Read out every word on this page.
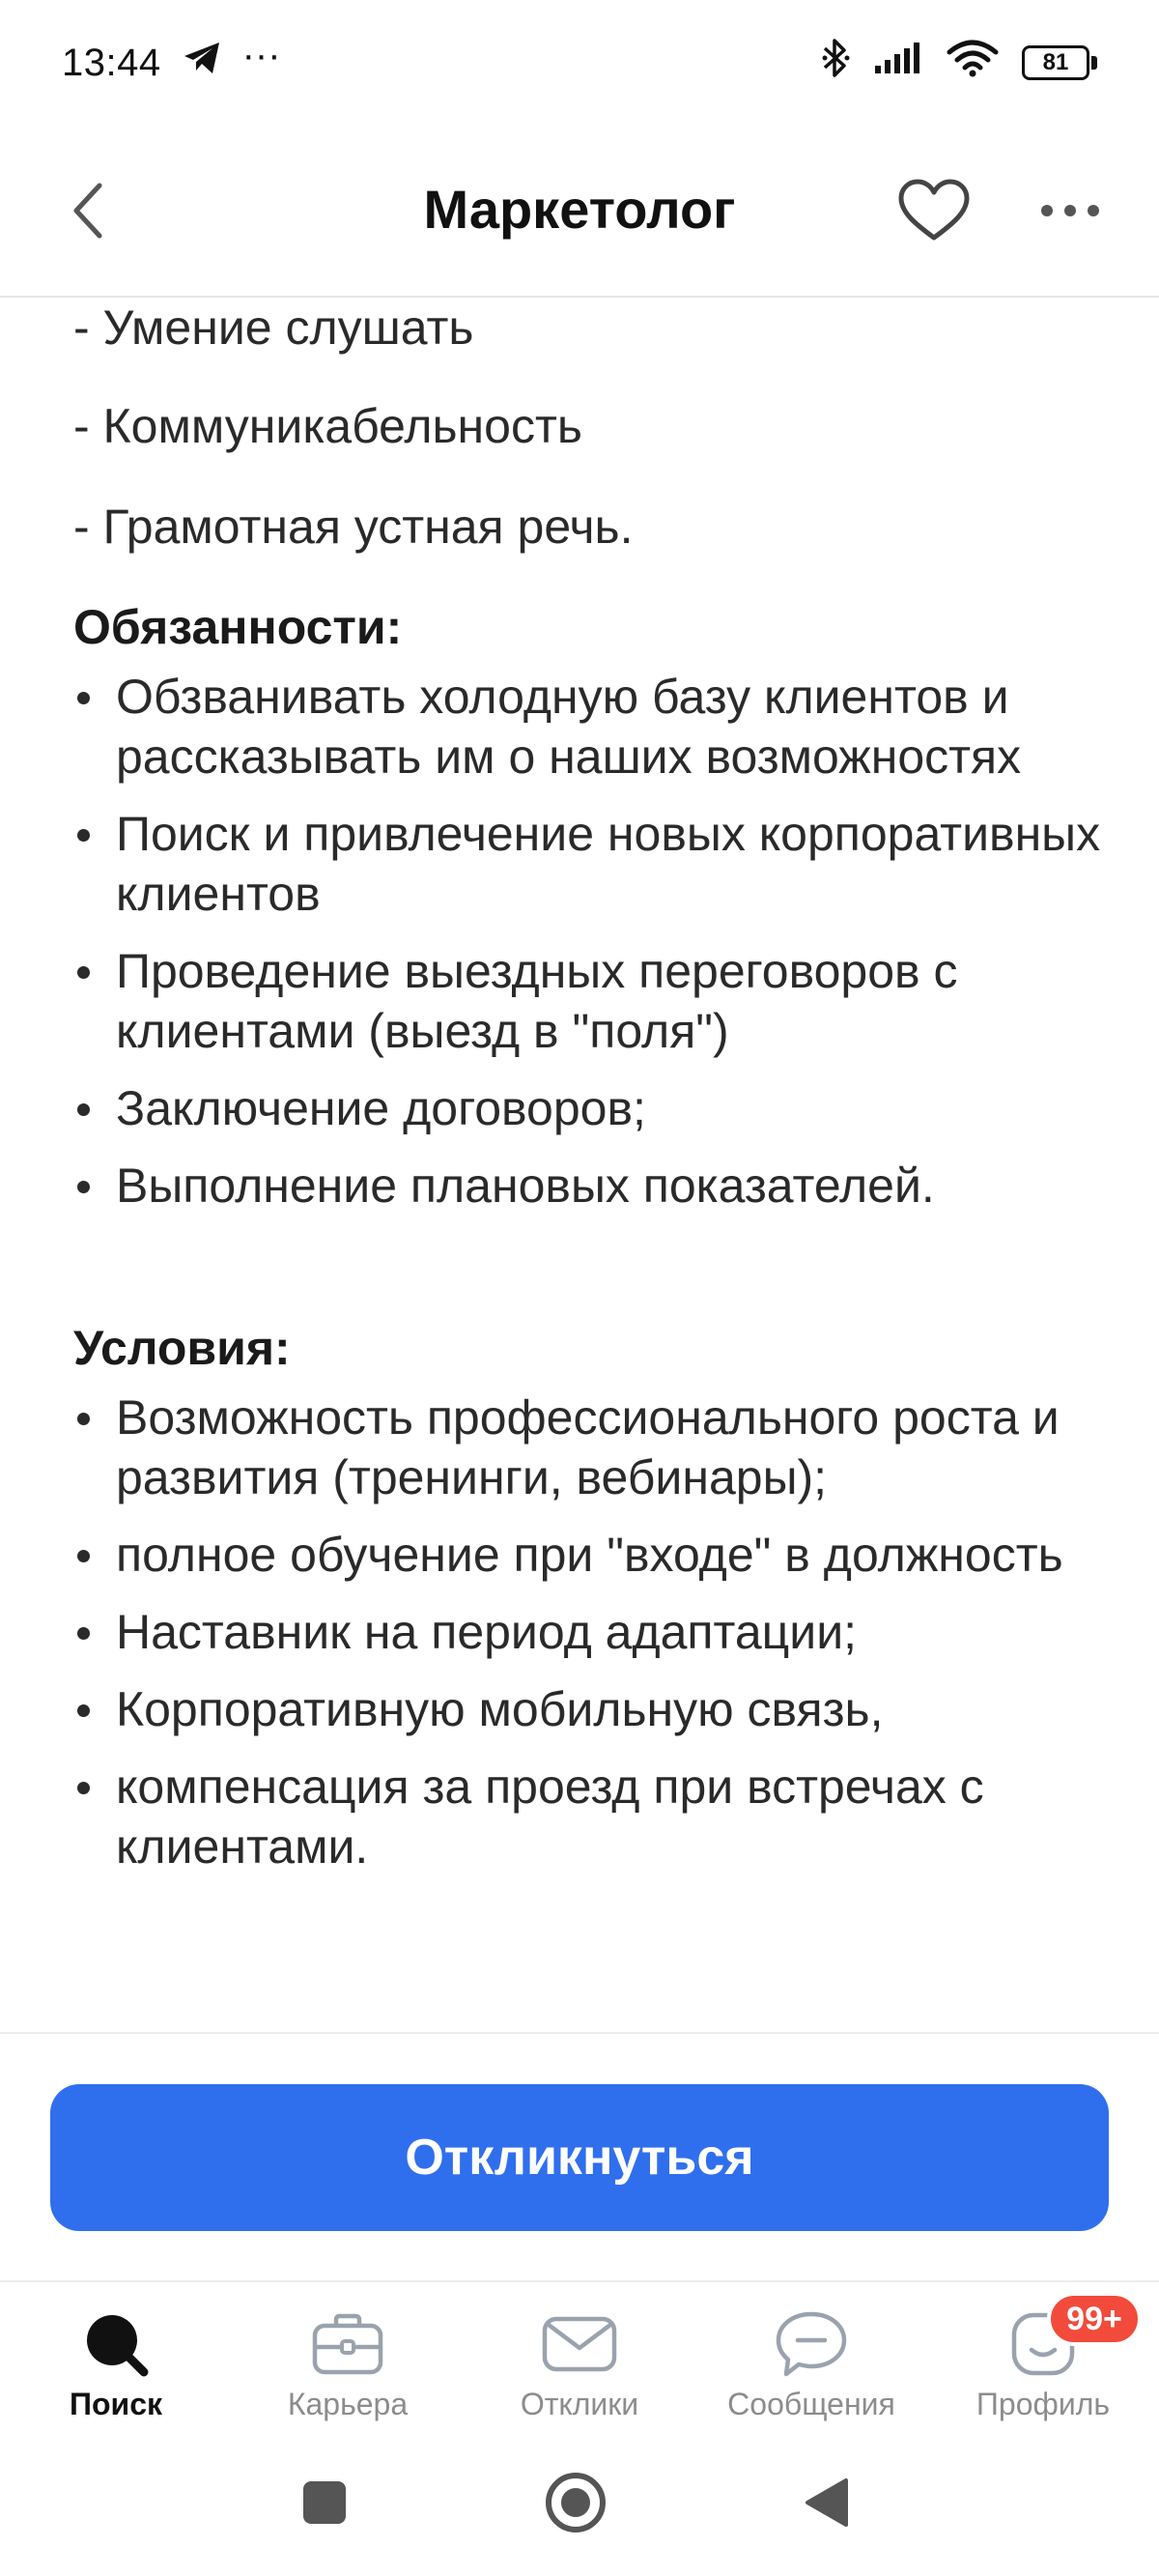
13:44 ···	81
Маркетолог
- Умение слушать
- Коммуникабельность
- Грамотная устная речь.
Обязанности:
Обзванивать холодную базу клиентов и рассказывать им о наших возможностях
Поиск и привлечение новых корпоративных клиентов
Проведение выездных переговоров с клиентами (выезд в "поля")
Заключение договоров;
Выполнение плановых показателей.
Условия:
Возможность профессионального роста и развития (тренинги, вебинары);
полное обучение при "входе" в должность
Наставник на период адаптации;
Корпоративную мобильную связь,
компенсация за проезд при встречах с клиентами.
Откликнуться
Поиск	Карьера	Отклики	Сообщения	Профиль
99+
